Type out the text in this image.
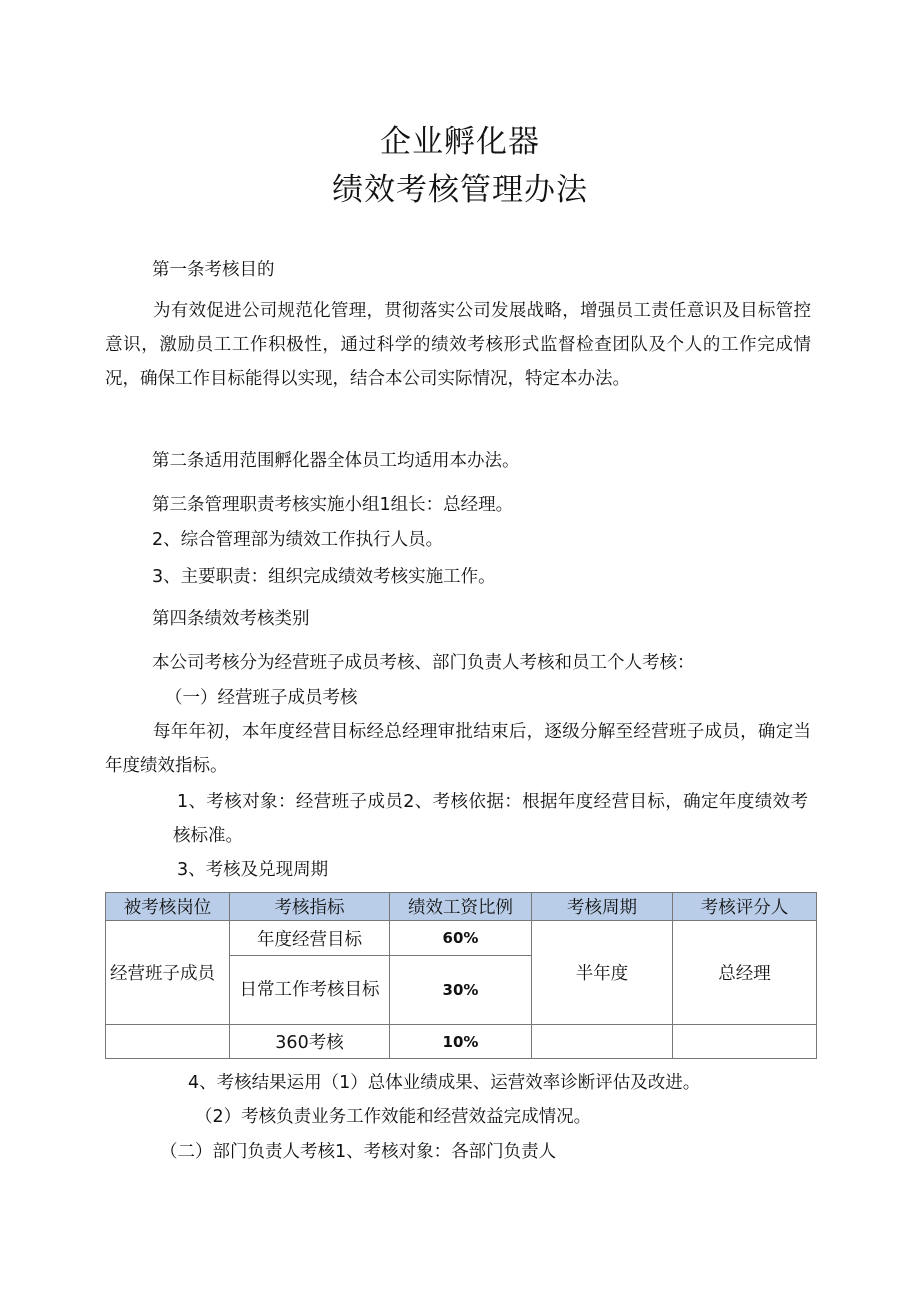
企业孵化器
绩效考核管理办法

第一条考核目的

为有效促进公司规范化管理，贯彻落实公司发展战略，增强员工责任意识及目标管控意识，激励员工工作积极性，通过科学的绩效考核形式监督检查团队及个人的工作完成情况，确保工作目标能得以实现，结合本公司实际情况，特定本办法。

第二条适用范围孵化器全体员工均适用本办法。

第三条管理职责考核实施小组1组长：总经理。

2、综合管理部为绩效工作执行人员。

3、主要职责：组织完成绩效考核实施工作。

第四条绩效考核类别

本公司考核分为经营班子成员考核、部门负责人考核和员工个人考核：

（一）经营班子成员考核

每年年初，本年度经营目标经总经理审批结束后，逐级分解至经营班子成员，确定当年度绩效指标。

1、考核对象：经营班子成员2、考核依据：根据年度经营目标，确定年度绩效考核标准。

3、考核及兑现周期

被考核岗位	考核指标	绩效工资比例	考核周期	考核评分人
经营班子成员	年度经营目标	60%	半年度	总经理
	日常工作考核目标	30%		
	360考核	10%		

4、考核结果运用（1）总体业绩成果、运营效率诊断评估及改进。

（2）考核负责业务工作效能和经营效益完成情况。

（二）部门负责人考核1、考核对象：各部门负责人
